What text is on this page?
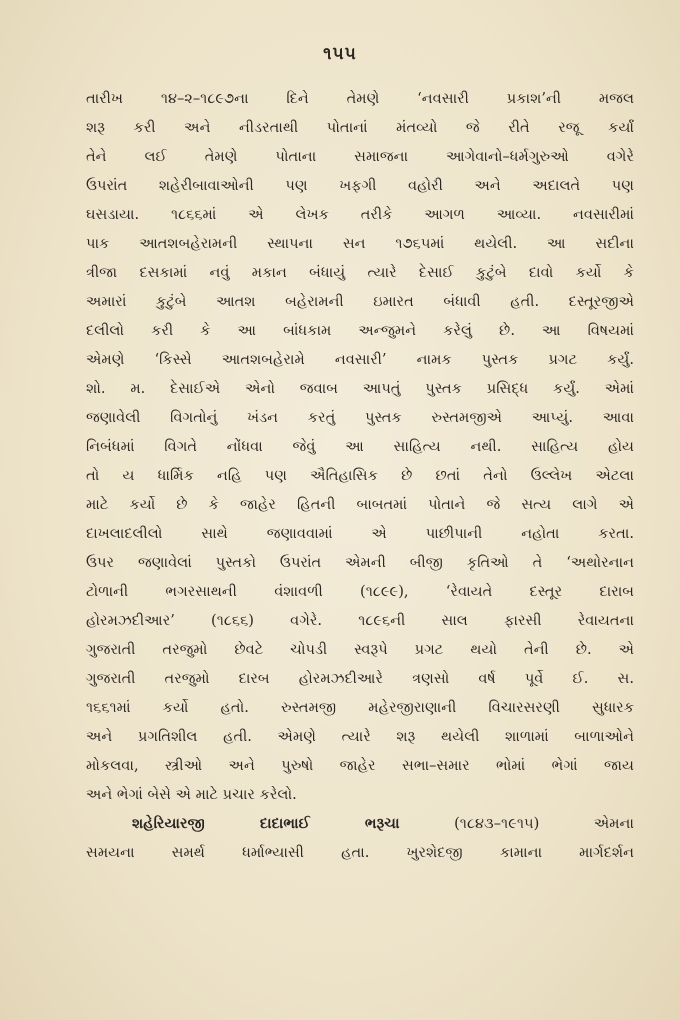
૧૫૫
તારીખ ૧૪–૨–૧૮૯૭ના દિને તેમણે ‘નવસારી પ્રકાશ’ની મજલ
શરૂ કરી અને નીડરતાથી પોતાનાં મંતવ્યો જે રીતે રજૂ કર્યાં
તેને લઈ તેમણે પોતાના સમાજના આગેવાનો–ધર્મગુરુઓ વગેરે
ઉપરાંત શહેરીબાવાઓની પણ ખફગી વહોરી અને અદાલતે પણ
ઘસડાયા. ૧૮૬૬માં એ લેખક તરીકે આગળ આવ્યા. નવસારીમાં
પાક આતશબહેરામની સ્થાપના સન ૧૭૬૫માં થયેલી. આ સદીના
ત્રીજા દસકામાં નવું મકાન બંધાયું ત્યારે દેસાઈ કુટુંબે દાવો કર્યો કે
અમારાં કુટુંબે આતશ બહેરામની ઇમારત બંધાવી હતી. દસ્તૂરજીએ
દલીલો કરી કે આ બાંધકામ અન્જુમને કરેલું છે. આ વિષયમાં
એમણે ‘કિસ્સે આતશબહેરામે નવસારી’ નામક પુસ્તક પ્રગટ કર્યું.
શો. મ. દેસાઈએ એનો જવાબ આપતું પુસ્તક પ્રસિદ્ધ કર્યું. એમાં
જણાવેલી વિગતોનું ખંડન કરતું પુસ્તક રુસ્તમજીએ આપ્યું. આવા
નિબંધમાં વિગતે નોંધવા જેવું આ સાહિત્ય નથી. સાહિત્ય હોય
તો ય ધાર્મિક નહિ પણ ઐતિહાસિક છે છતાં તેનો ઉલ્લેખ એટલા
માટે કર્યો છે કે જાહેર હિતની બાબતમાં પોતાને જે સત્ય લાગે એ
દાખલાદલીલો સાથે જણાવવામાં એ પાછીપાની નહોતા કરતા.
ઉપર જણાવેલાં પુસ્તકો ઉપરાંત એમની બીજી કૃતિઓ તે ‘અથોરનાન
ટોળાની ભગરસાથની વંશાવળી (૧૮૯૯), ‘રેવાયતે દસ્તૂર દારાબ
હોરમઝદીઆર’ (૧૮૬૬) વગેરે. ૧૮૯૬ની સાલ ફારસી રેવાયતના
ગુજરાતી તરજુમો છેવટે ચોપડી સ્વરૂપે પ્રગટ થયો તેની છે. એ
ગુજરાતી તરજુમો દારબ હોરમઝદીઆરે ત્રણસો વર્ષ પૂર્વે ઈ. સ.
૧૬૬૧માં કર્યો હતો. રુસ્તમજી મહેરજીરાણાની વિચારસરણી સુધારક
અને પ્રગતિશીલ હતી. એમણે ત્યારે શરૂ થયેલી શાળામાં બાળાઓને
મોકલવા, સ્ત્રીઓ અને પુરુષો જાહેર સભા–સમાર ભોમાં ભેગાં જાય
અને ભેગાં બેસે એ માટે પ્રચાર કરેલો.
શહેરિયારજી દાદાભાઈ ભરૂચા (૧૮૪૩–૧૯૧૫) એમના
સમયના સમર્થ ધર્માભ્યાસી હતા. ખુરશેદજી કામાના માર્ગદર્શન
